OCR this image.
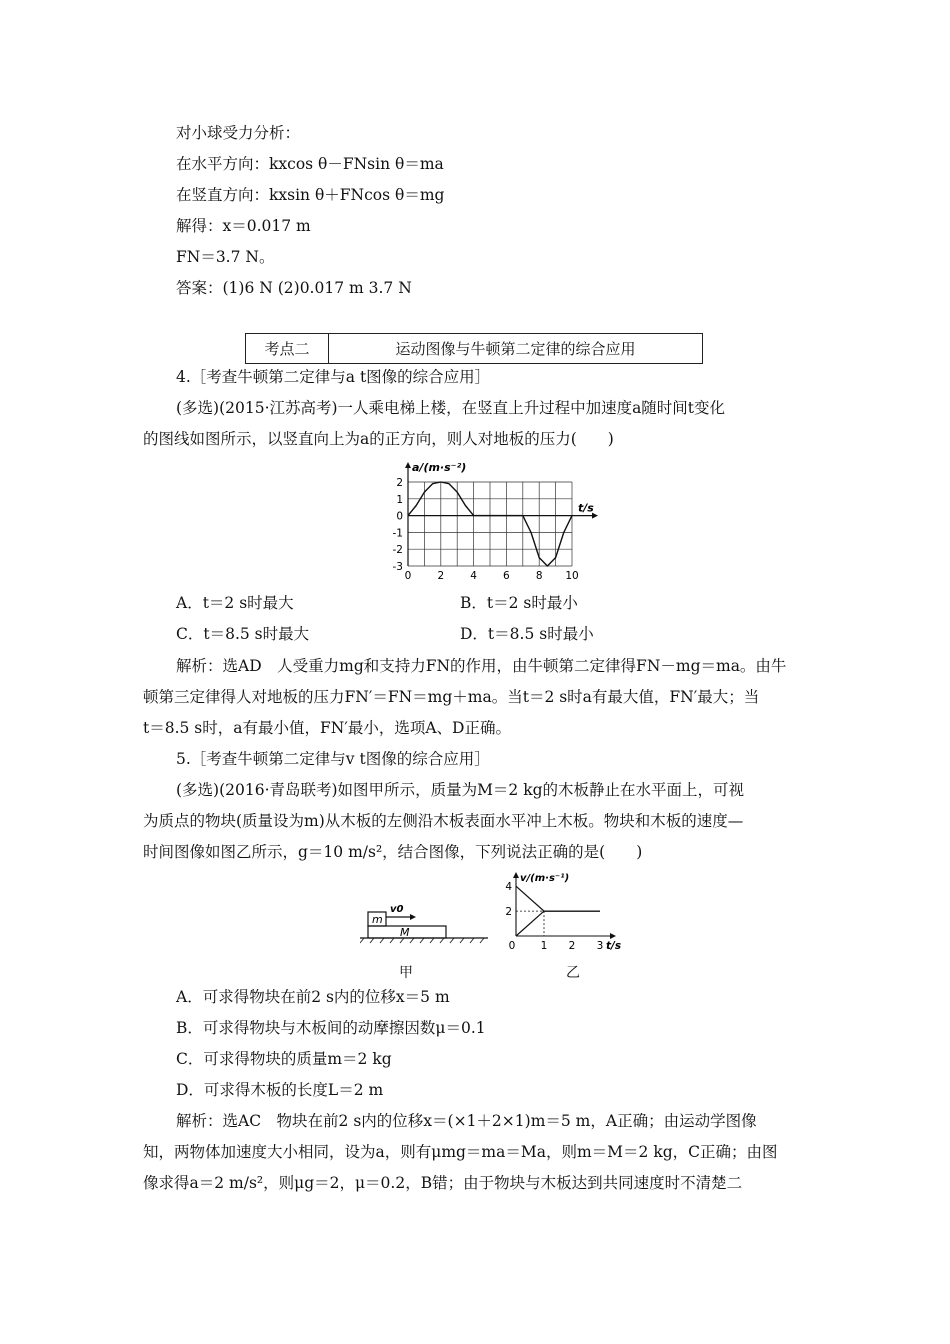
对小球受力分析：
在水平方向：kxcos θ－FNsin θ＝ma
在竖直方向：kxsin θ＋FNcos θ＝mg
解得：x＝0.017 m
FN＝3.7 N。
答案：(1)6 N (2)0.017 m 3.7 N
考点二	运动图像与牛顿第二定律的综合应用
4.［考查牛顿第二定律与a t图像的综合应用］
(多选)(2015·江苏高考)一人乘电梯上楼，在竖直上升过程中加速度a随时间t变化
的图线如图所示，以竖直向上为a的正方向，则人对地板的压力(　　)
a/(m·s⁻²)
t/s
-3
-2
-1
0
1
2
0 2 4 6 8 10
A．t＝2 s时最大	B．t＝2 s时最小
C．t＝8.5 s时最大	D．t＝8.5 s时最小
解析：选AD　人受重力mg和支持力FN的作用，由牛顿第二定律得FN－mg＝ma。由牛
顿第三定律得人对地板的压力FN′＝FN＝mg＋ma。当t＝2 s时a有最大值，FN′最大；当
t＝8.5 s时，a有最小值，FN′最小，选项A、D正确。
5.［考查牛顿第二定律与v t图像的综合应用］
(多选)(2016·青岛联考)如图甲所示，质量为M＝2 kg的木板静止在水平面上，可视
为质点的物块(质量设为m)从木板的左侧沿木板表面水平冲上木板。物块和木板的速度—
时间图像如图乙所示，g＝10 m/s²，结合图像，下列说法正确的是(　　)
m
v0
M
甲
v/(m·s⁻¹)
t/s
2
4
0 1 2 3
乙
A．可求得物块在前2 s内的位移x＝5 m
B．可求得物块与木板间的动摩擦因数μ＝0.1
C．可求得物块的质量m＝2 kg
D．可求得木板的长度L＝2 m
解析：选AC　物块在前2 s内的位移x＝(×1＋2×1)m＝5 m，A正确；由运动学图像
知，两物体加速度大小相同，设为a，则有μmg＝ma＝Ma，则m＝M＝2 kg，C正确；由图
像求得a＝2 m/s²，则μg＝2，μ＝0.2，B错；由于物块与木板达到共同速度时不清楚二
